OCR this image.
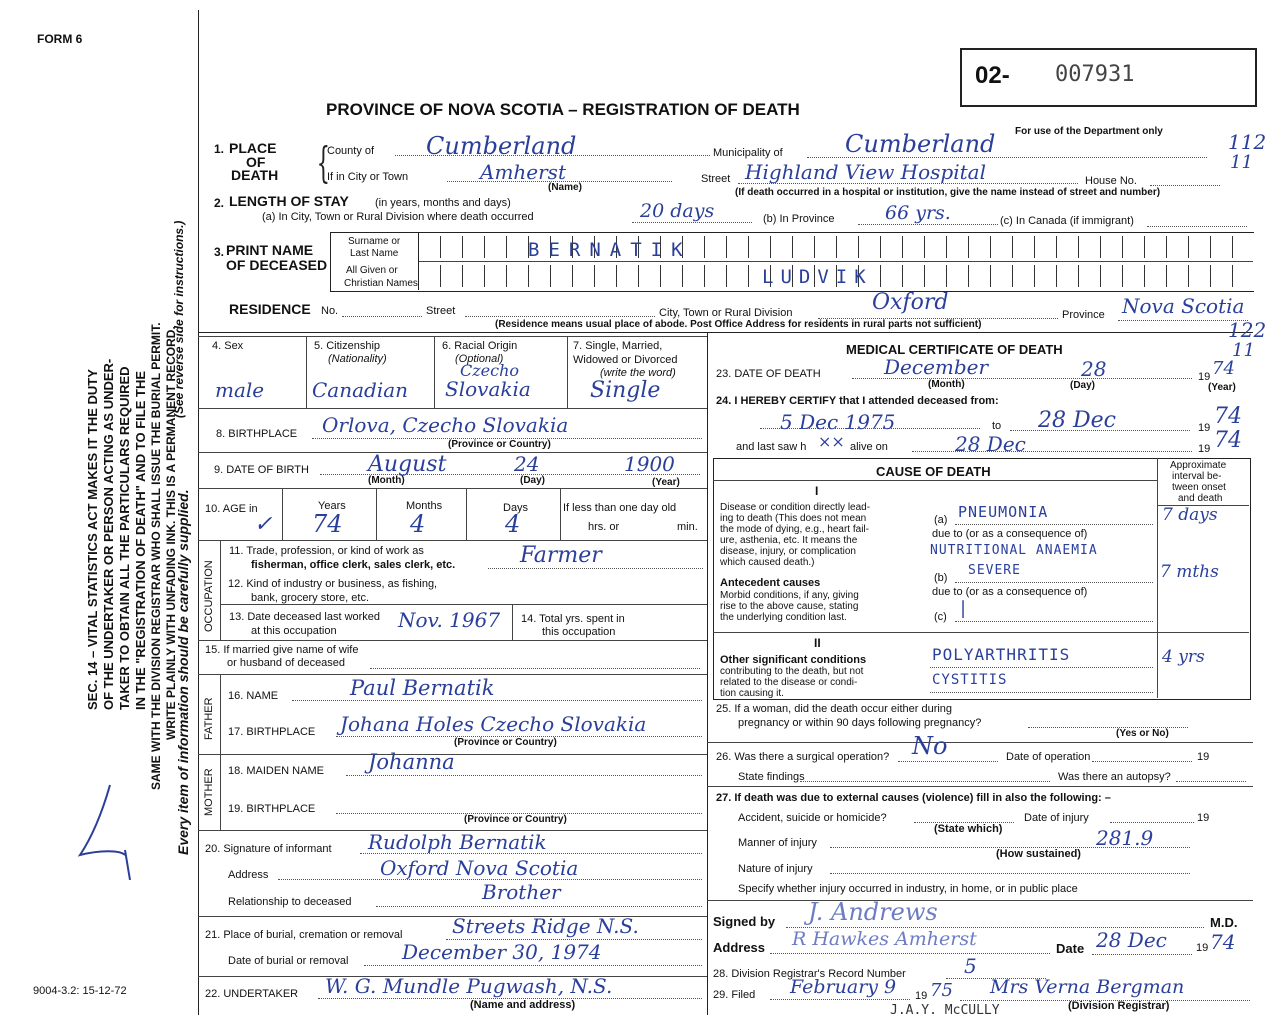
FORM 6
SEC. 14 – VITAL STATISTICS ACT MAKES IT THE DUTY OF THE UNDERTAKER OR PERSON ACTING AS UNDER- TAKER TO OBTAIN ALL THE PARTICULARS REQUIRED IN THE "REGISTRATION OF DEATH" AND TO FILE THE SAME WITH THE DIVISION REGISTRAR WHO SHALL ISSUE THE BURIAL PERMIT. WRITE PLAINLY WITH UNFADING INK. THIS IS A PERMANENT RECORD.
Every item of information should be carefully supplied.
(See reverse side for instructions.)
9004-3.2: 15-12-72
02- 007931
PROVINCE OF NOVA SCOTIA – REGISTRATION OF DEATH
For use of the Department only	112
11
122
11
1. PLACE
OF
DEATH {
County of Cumberland	Municipality of	Cumberland
If in City or Town	Amherst
(Name)
Street Highland View Hospital	House No.
(If death occurred in a hospital or institution, give the name instead of street and number)
2. LENGTH OF STAY (in years, months and days)
(a) In City, Town or Rural Division where death occurred	20 days	(b) In Province	66 yrs.	(c) In Canada (if immigrant)
3. PRINT NAME
OF DECEASED
Surname or
Last Name
All Given or
Christian Names
BERNATIK
LUDVIK
RESIDENCE No.	Street	City, Town or Rural Division	Oxford	Province Nova Scotia
(Residence means usual place of abode. Post Office Address for residents in rural parts not sufficient)
4. Sex
male
5. Citizenship
(Nationality)
Canadian
6. Racial Origin
(Optional)
Czecho
Slovakia
7. Single, Married,
Widowed or Divorced
(write the word)
Single
8. BIRTHPLACE Orlova, Czecho Slovakia
(Province or Country)
9. DATE OF BIRTH	August	24	1900
(Month)	(Day)	(Year)
10. AGE in
✓
Years	Months	Days	If less than one day old
hrs. or	min.
74	4	4
OCCUPATION
11. Trade, profession, or kind of work as
fisherman, office clerk, sales clerk, etc.	Farmer
12. Kind of industry or business, as fishing,
bank, grocery store, etc.
13. Date deceased last worked
at this occupation	Nov. 1967 14. Total yrs. spent in
this occupation
15. If married give name of wife
or husband of deceased
FATHER
16. NAME	Paul Bernatik
17. BIRTHPLACE Johana Holes Czecho Slovakia
(Province or Country)
MOTHER 18. MAIDEN NAME Johanna
19. BIRTHPLACE
(Province or Country)
20. Signature of informant Rudolph Bernatik
Address	Oxford Nova Scotia
Relationship to deceased	Brother
21. Place of burial, cremation or removal Streets Ridge N.S.
Date of burial or removal	December 30, 1974
22. UNDERTAKER W. G. Mundle Pugwash, N.S.
(Name and address)
MEDICAL CERTIFICATE OF DEATH
23. DATE OF DEATH	December	28	19 74
(Month)	(Day)	(Year)
24. I HEREBY CERTIFY that I attended deceased from:
5 Dec 1975	to 28 Dec	19 74
and last saw h ×× alive on	28 Dec	19 74
CAUSE OF DEATH	Approximate
interval be-
tween onset
and death
I
Disease or condition directly lead-
ing to death (This does not mean
the mode of dying, e.g., heart fail-
ure, asthenia, etc. It means the
disease, injury, or complication
which caused death.)
(a) PNEUMONIA	7 days
due to (or as a consequence of)
NUTRITIONAL ANAEMIA
SEVERE
(b)	7 mths
Antecedent causes
Morbid conditions, if any, giving
rise to the above cause, stating
the underlying condition last.
due to (or as a consequence of)
(c) |
II
Other significant conditions
contributing to the death, but not
related to the disease or condi-
tion causing it.
POLYARTHRITIS	4 yrs
CYSTITIS
25. If a woman, did the death occur either during
pregnancy or within 90 days following pregnancy?
(Yes or No)
26. Was there a surgical operation? No	Date of operation	19
State findings	Was there an autopsy?
27. If death was due to external causes (violence) fill in also the following: –
Accident, suicide or homicide?	Date of injury	19
(State which)
Manner of injury	281.9
(How sustained)
Nature of injury
Specify whether injury occurred in industry, in home, or in public place
Signed by J. Andrews	M.D.
Address R Hawkes Amherst	Date 28 Dec	19 74
28. Division Registrar's Record Number	5
29. Filed February 9 19 75 Mrs Verna Bergman
(Division Registrar)
J.A.Y. McCULLY
